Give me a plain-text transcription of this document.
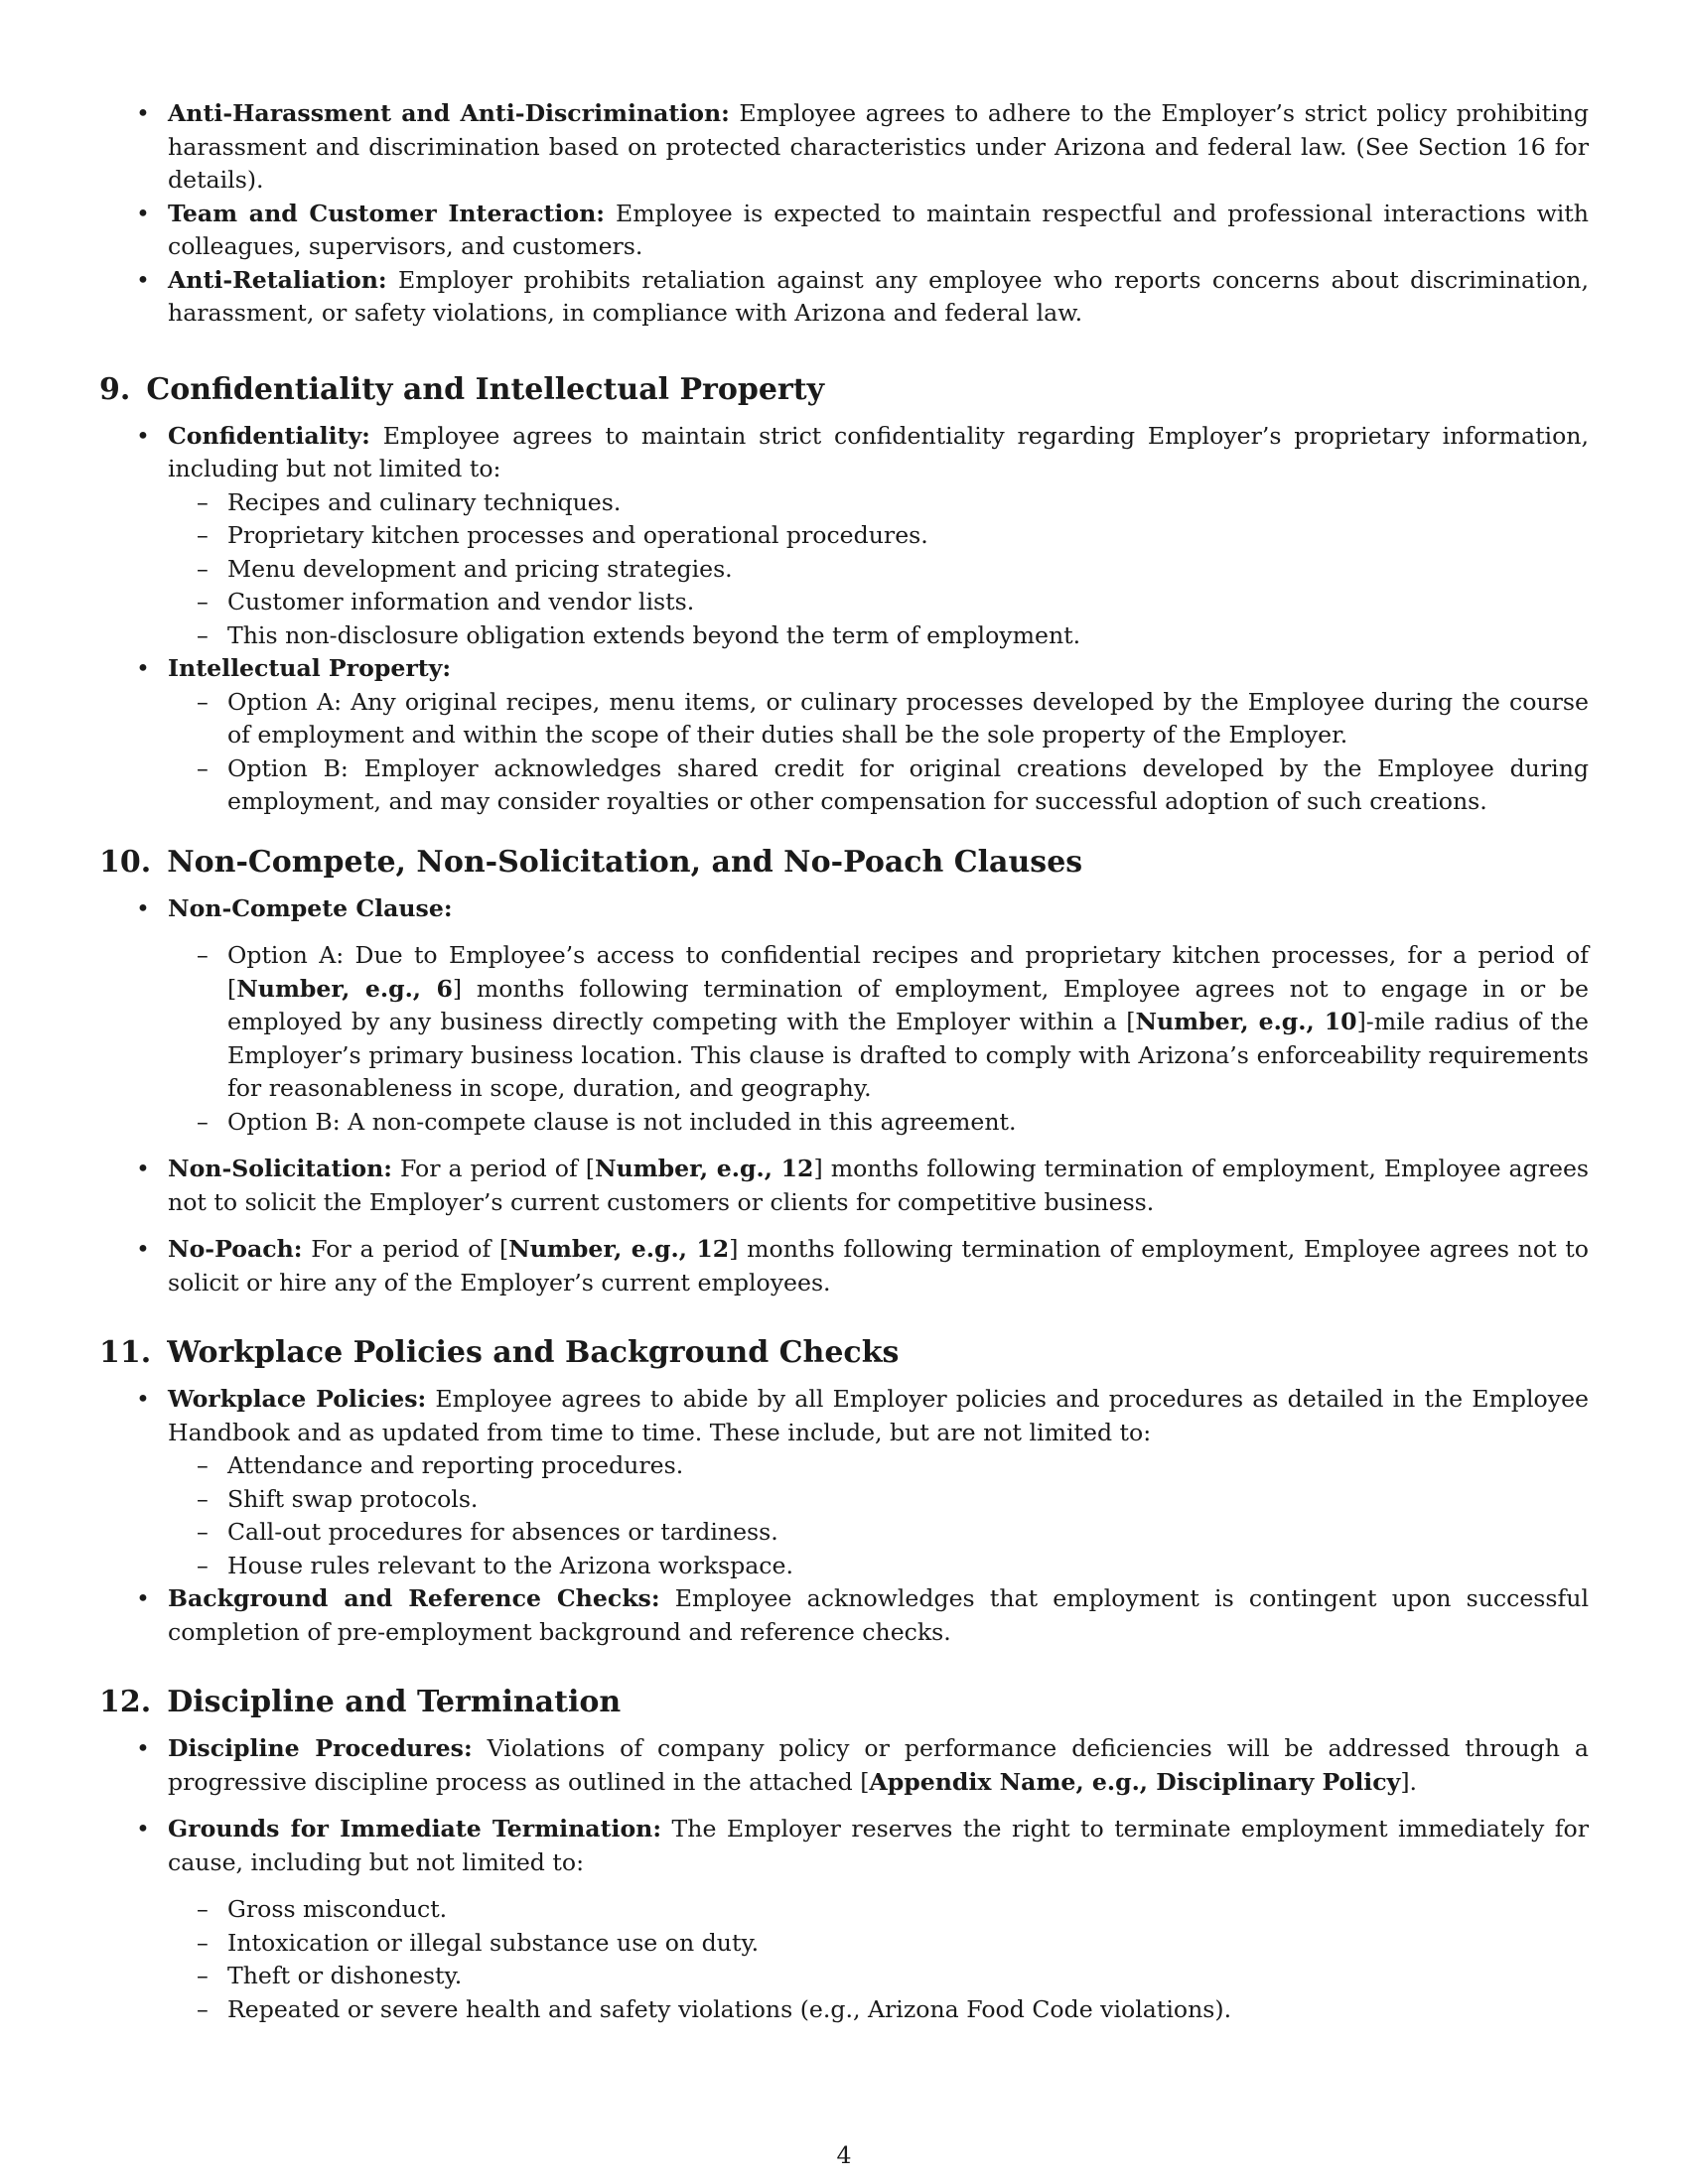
• Anti-Harassment and Anti-Discrimination: Employee agrees to adhere to the Employer’s strict policy prohibiting harassment and discrimination based on protected characteristics under Arizona and federal law. (See Section 16 for details).
• Team and Customer Interaction: Employee is expected to maintain respectful and professional interactions with colleagues, supervisors, and customers.
• Anti-Retaliation: Employer prohibits retaliation against any employee who reports concerns about discrimination, harassment, or safety violations, in compliance with Arizona and federal law.
9. Confidentiality and Intellectual Property
• Confidentiality: Employee agrees to maintain strict confidentiality regarding Employer’s proprietary information, including but not limited to:
– Recipes and culinary techniques.
– Proprietary kitchen processes and operational procedures.
– Menu development and pricing strategies.
– Customer information and vendor lists.
– This non-disclosure obligation extends beyond the term of employment.
• Intellectual Property:
– Option A: Any original recipes, menu items, or culinary processes developed by the Employee during the course of employment and within the scope of their duties shall be the sole property of the Employer.
– Option B: Employer acknowledges shared credit for original creations developed by the Employee during employment, and may consider royalties or other compensation for successful adoption of such creations.
10. Non-Compete, Non-Solicitation, and No-Poach Clauses
• Non-Compete Clause:
– Option A: Due to Employee’s access to confidential recipes and proprietary kitchen processes, for a period of [Number, e.g., 6] months following termination of employment, Employee agrees not to engage in or be employed by any business directly competing with the Employer within a [Number, e.g., 10]-mile radius of the Employer’s primary business location. This clause is drafted to comply with Arizona’s enforceability requirements for reasonableness in scope, duration, and geography.
– Option B: A non-compete clause is not included in this agreement.
• Non-Solicitation: For a period of [Number, e.g., 12] months following termination of employment, Employee agrees not to solicit the Employer’s current customers or clients for competitive business.
• No-Poach: For a period of [Number, e.g., 12] months following termination of employment, Employee agrees not to solicit or hire any of the Employer’s current employees.
11. Workplace Policies and Background Checks
• Workplace Policies: Employee agrees to abide by all Employer policies and procedures as detailed in the Employee Handbook and as updated from time to time. These include, but are not limited to:
– Attendance and reporting procedures.
– Shift swap protocols.
– Call-out procedures for absences or tardiness.
– House rules relevant to the Arizona workspace.
• Background and Reference Checks: Employee acknowledges that employment is contingent upon successful completion of pre-employment background and reference checks.
12. Discipline and Termination
• Discipline Procedures: Violations of company policy or performance deficiencies will be addressed through a progressive discipline process as outlined in the attached [Appendix Name, e.g., Disciplinary Policy].
• Grounds for Immediate Termination: The Employer reserves the right to terminate employment immediately for cause, including but not limited to:
– Gross misconduct.
– Intoxication or illegal substance use on duty.
– Theft or dishonesty.
– Repeated or severe health and safety violations (e.g., Arizona Food Code violations).
4
